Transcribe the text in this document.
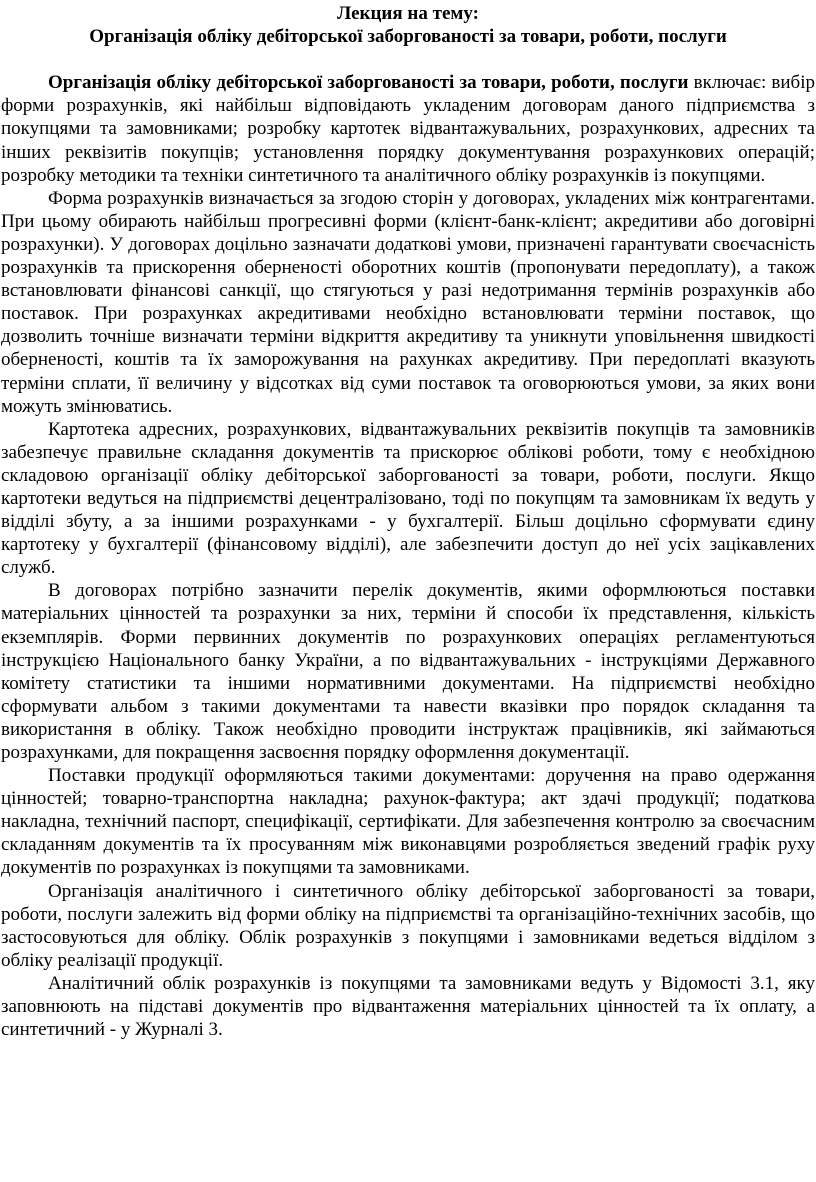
Лекция на тему:
Організація обліку дебіторської заборгованості за товари, роботи, послуги

Організація обліку дебіторської заборгованості за товари, роботи, послуги включає: вибір форми розрахунків, які найбільш відповідають укладеним договорам даного підприємства з покупцями та замовниками; розробку картотек відвантажувальних, розрахункових, адресних та інших реквізитів покупців; установлення порядку документування розрахункових операцій; розробку методики та техніки синтетичного та аналітичного обліку розрахунків із покупцями.

Форма розрахунків визначається за згодою сторін у договорах, укладених між контрагентами. При цьому обирають найбільш прогресивні форми (клієнт-банк-клієнт; акредитиви або договірні розрахунки). У договорах доцільно зазначати додаткові умови, призначені гарантувати своєчасність розрахунків та прискорення оберненості оборотних коштів (пропонувати передоплату), а також встановлювати фінансові санкції, що стягуються у разі недотримання термінів розрахунків або поставок. При розрахунках акредитивами необхідно встановлювати терміни поставок, що дозволить точніше визначати терміни відкриття акредитиву та уникнути уповільнення швидкості оберненості, коштів та їх заморожування на рахунках акредитиву. При передоплаті вказують терміни сплати, її величину у відсотках від суми поставок та оговорюються умови, за яких вони можуть змінюватись.

Картотека адресних, розрахункових, відвантажувальних реквізитів покупців та замовників забезпечує правильне складання документів та прискорює облікові роботи, тому є необхідною складовою організації обліку дебіторської заборгованості за товари, роботи, послуги. Якщо картотеки ведуться на підприємстві децентралізовано, тоді по покупцям та замовникам їх ведуть у відділі збуту, а за іншими розрахунками - у бухгалтерії. Більш доцільно сформувати єдину картотеку у бухгалтерії (фінансовому відділі), але забезпечити доступ до неї усіх зацікавлених служб.

В договорах потрібно зазначити перелік документів, якими оформлюються поставки матеріальних цінностей та розрахунки за них, терміни й способи їх представлення, кількість екземплярів. Форми первинних документів по розрахункових операціях регламентуються інструкцією Національного банку України, а по відвантажувальних - інструкціями Державного комітету статистики та іншими нормативними документами. На підприємстві необхідно сформувати альбом з такими документами та навести вказівки про порядок складання та використання в обліку. Також необхідно проводити інструктаж працівників, які займаються розрахунками, для покращення засвоєння порядку оформлення документації.

Поставки продукції оформляються такими документами: доручення на право одержання цінностей; товарно-транспортна накладна; рахунок-фактура; акт здачі продукції; податкова накладна, технічний паспорт, специфікації, сертифікати. Для забезпечення контролю за своєчасним складанням документів та їх просуванням між виконавцями розробляється зведений графік руху документів по розрахунках із покупцями та замовниками.

Організація аналітичного і синтетичного обліку дебіторської заборгованості за товари, роботи, послуги залежить від форми обліку на підприємстві та організаційно-технічних засобів, що застосовуються для обліку. Облік розрахунків з покупцями і замовниками ведеться відділом з обліку реалізації продукції.

Аналітичний облік розрахунків із покупцями та замовниками ведуть у Відомості 3.1, яку заповнюють на підставі документів про відвантаження матеріальних цінностей та їх оплату, а синтетичний - у Журналі 3.
